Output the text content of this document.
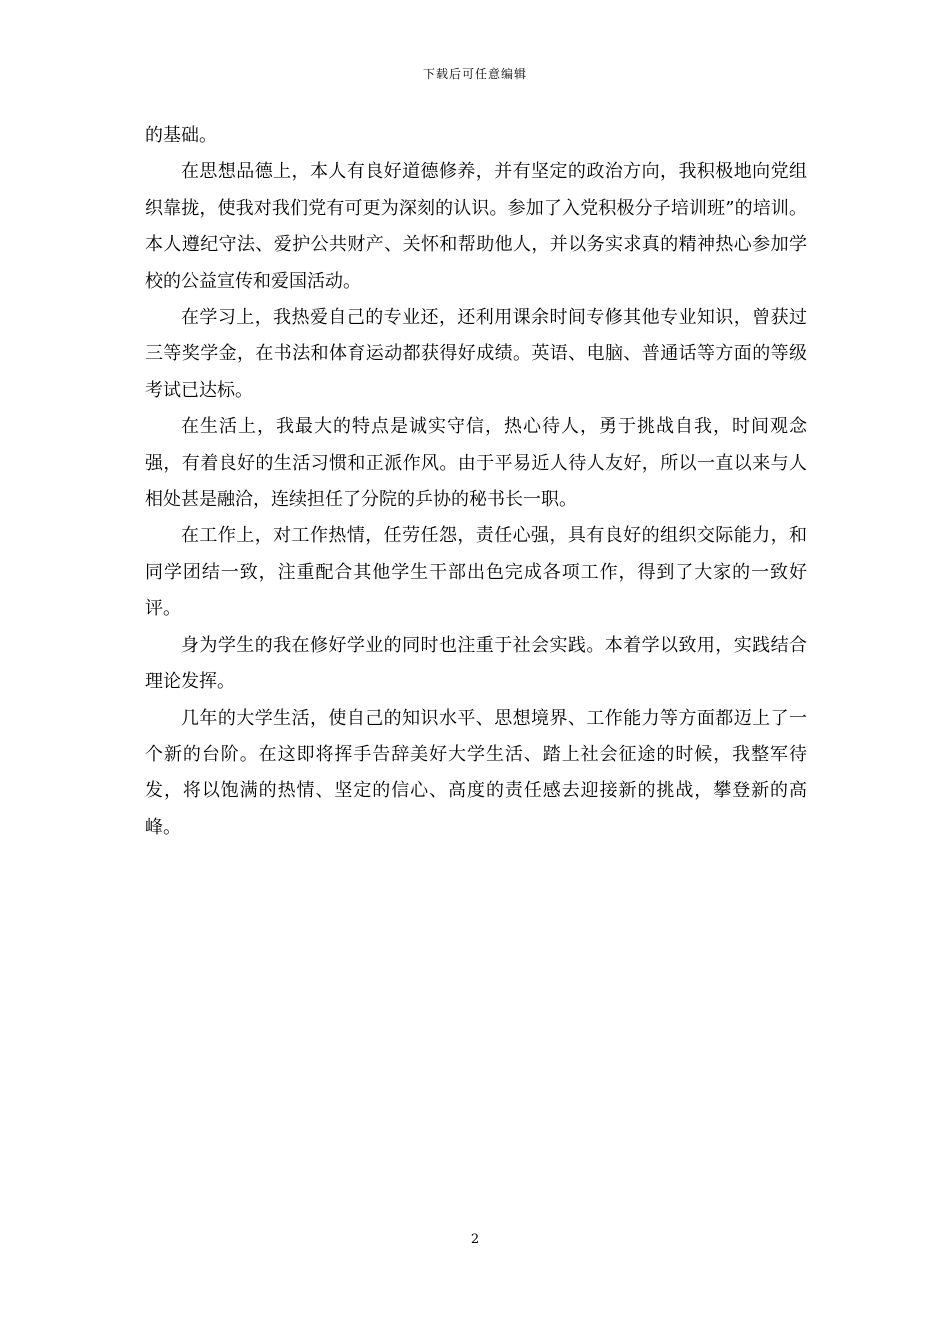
下载后可任意编辑

的基础。

在思想品德上，本人有良好道德修养，并有坚定的政治方向，我积极地向党组织靠拢，使我对我们党有可更为深刻的认识。参加了入党积极分子培训班”的培训。本人遵纪守法、爱护公共财产、关怀和帮助他人，并以务实求真的精神热心参加学校的公益宣传和爱国活动。

在学习上，我热爱自己的专业还，还利用课余时间专修其他专业知识，曾获过三等奖学金，在书法和体育运动都获得好成绩。英语、电脑、普通话等方面的等级考试已达标。

在生活上，我最大的特点是诚实守信，热心待人，勇于挑战自我，时间观念强，有着良好的生活习惯和正派作风。由于平易近人待人友好，所以一直以来与人相处甚是融洽，连续担任了分院的乒协的秘书长一职。

在工作上，对工作热情，任劳任怨，责任心强，具有良好的组织交际能力，和同学团结一致，注重配合其他学生干部出色完成各项工作，得到了大家的一致好评。

身为学生的我在修好学业的同时也注重于社会实践。本着学以致用，实践结合理论发挥。

几年的大学生活，使自己的知识水平、思想境界、工作能力等方面都迈上了一个新的台阶。在这即将挥手告辞美好大学生活、踏上社会征途的时候，我整军待发，将以饱满的热情、坚定的信心、高度的责任感去迎接新的挑战，攀登新的高峰。

2
